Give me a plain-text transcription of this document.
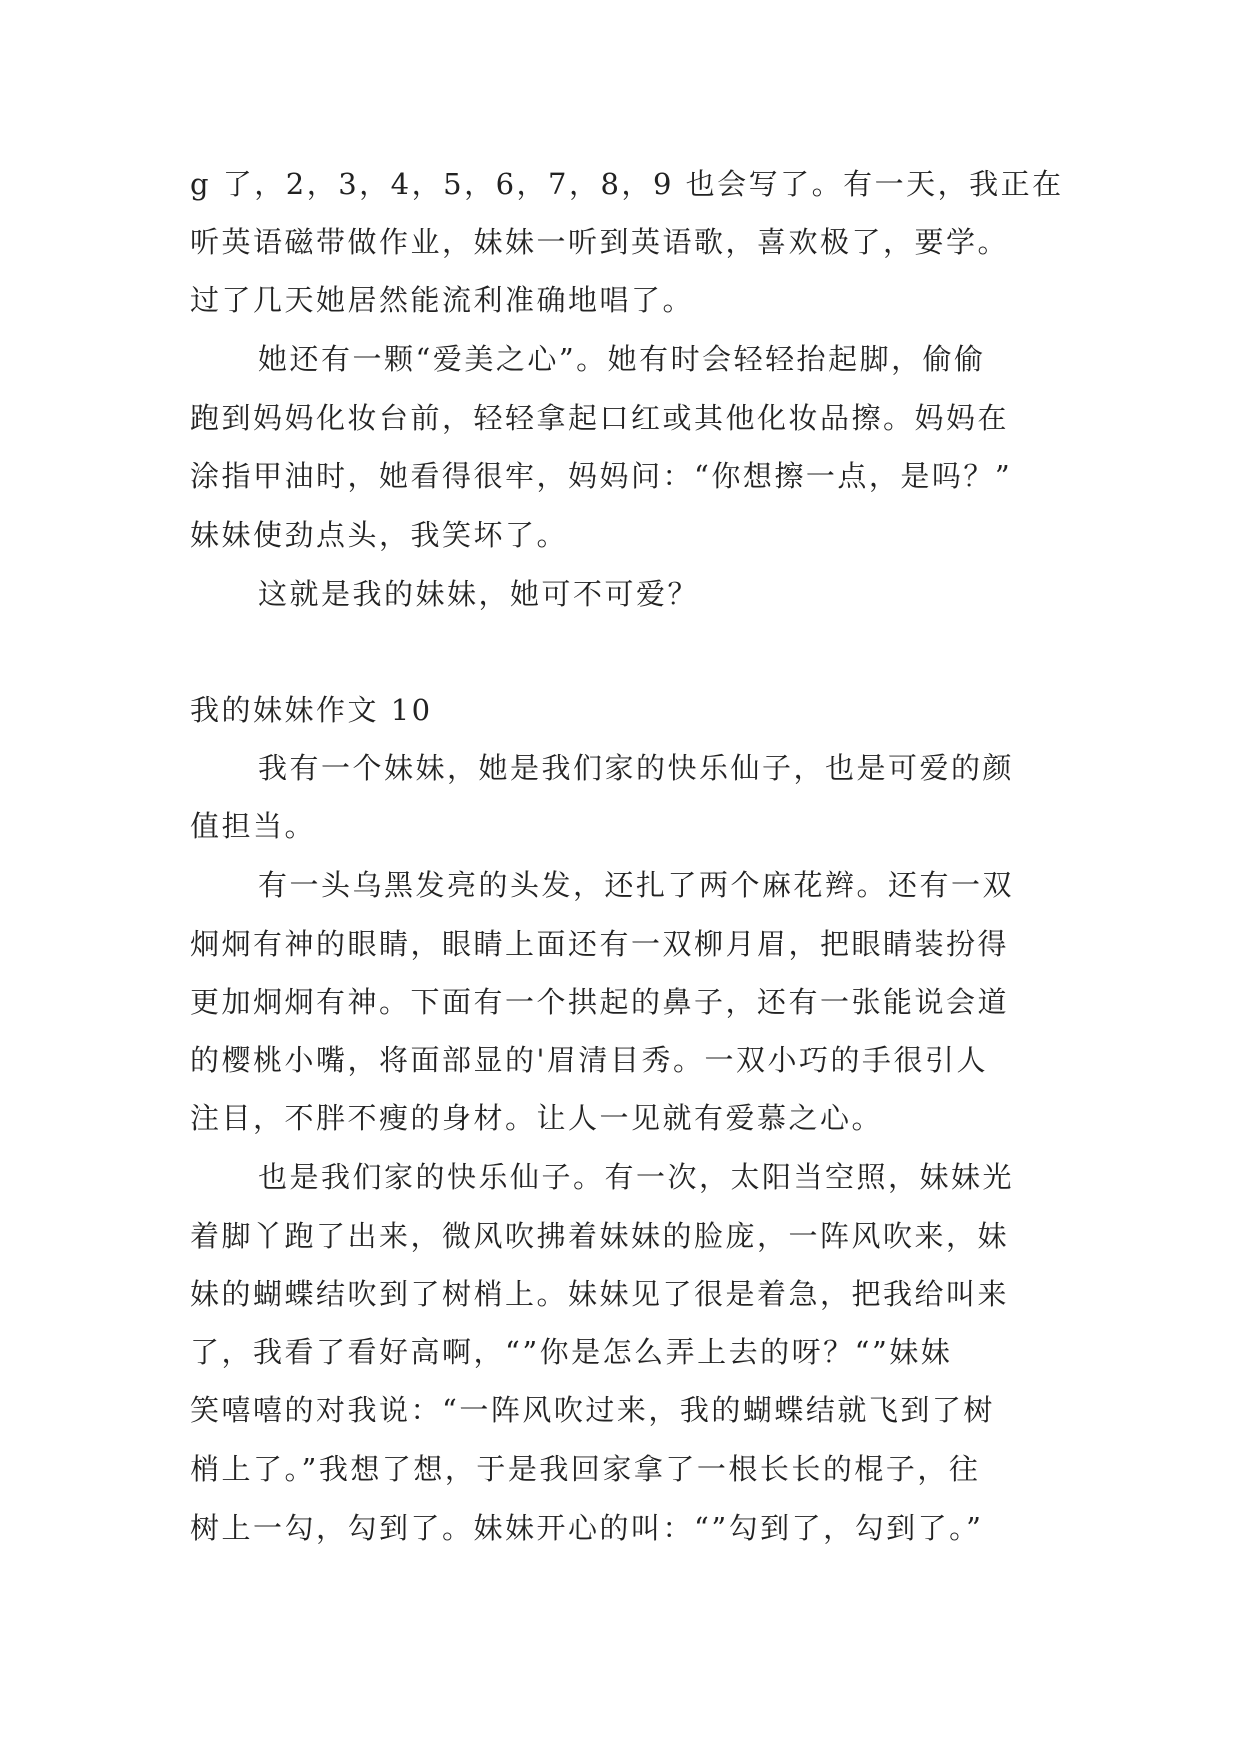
g 了，2，3，4，5，6，7，8，9 也会写了。有一天，我正在
听英语磁带做作业，妹妹一听到英语歌，喜欢极了，要学。
过了几天她居然能流利准确地唱了。
她还有一颗“爱美之心”。她有时会轻轻抬起脚，偷偷
跑到妈妈化妆台前，轻轻拿起口红或其他化妆品擦。妈妈在
涂指甲油时，她看得很牢，妈妈问：“你想擦一点，是吗？”
妹妹使劲点头，我笑坏了。
这就是我的妹妹，她可不可爱？
我的妹妹作文 10
我有一个妹妹，她是我们家的快乐仙子，也是可爱的颜
值担当。
有一头乌黑发亮的头发，还扎了两个麻花辫。还有一双
炯炯有神的眼睛，眼睛上面还有一双柳月眉，把眼睛装扮得
更加炯炯有神。下面有一个拱起的鼻子，还有一张能说会道
的樱桃小嘴，将面部显的'眉清目秀。一双小巧的手很引人
注目，不胖不瘦的身材。让人一见就有爱慕之心。
也是我们家的快乐仙子。有一次，太阳当空照，妹妹光
着脚丫跑了出来，微风吹拂着妹妹的脸庞，一阵风吹来，妹
妹的蝴蝶结吹到了树梢上。妹妹见了很是着急，把我给叫来
了，我看了看好高啊，“”你是怎么弄上去的呀？“”妹妹
笑嘻嘻的对我说：“一阵风吹过来，我的蝴蝶结就飞到了树
梢上了。”我想了想，于是我回家拿了一根长长的棍子，往
树上一勾，勾到了。妹妹开心的叫：“”勾到了，勾到了。”
